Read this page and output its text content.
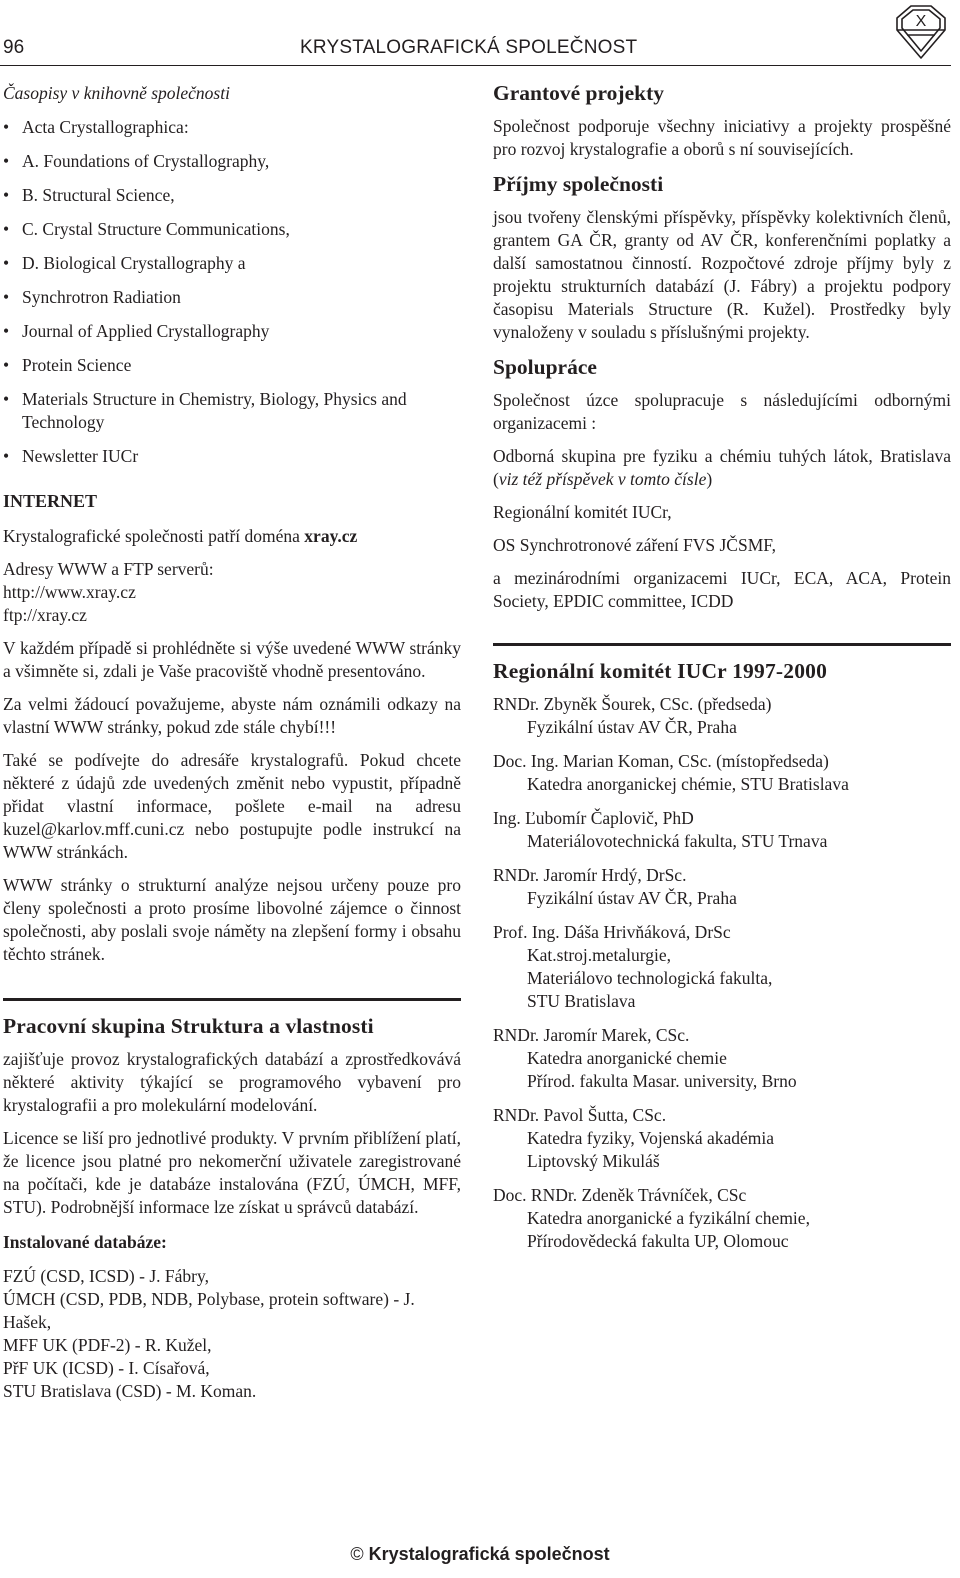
96	KRYSTALOGRAFICKÁ SPOLEČNOST
X

Časopisy v knihovně společnosti

• Acta Crystallographica:
• A. Foundations of Crystallography,
• B. Structural Science,
• C. Crystal Structure Communications,
• D. Biological Crystallography a
• Synchrotron Radiation
• Journal of Applied Crystallography
• Protein Science
• Materials Structure in Chemistry, Biology, Physics and Technology
• Newsletter IUCr

INTERNET

Krystalografické společnosti patří doména xray.cz

Adresy WWW a FTP serverů:

http://www.xray.cz

ftp://xray.cz

V každém případě si prohlédněte si výše uvedené WWW stránky a všimněte si, zdali je Vaše pracoviště vhodně presentováno.

Za velmi žádoucí považujeme, abyste nám oznámili odkazy na vlastní WWW stránky, pokud zde stále chybí!!!

Také se podívejte do adresáře krystalografů. Pokud chcete některé z údajů zde uvedených změnit nebo vypustit, případně přidat vlastní informace, pošlete e-mail na adresu kuzel@karlov.mff.cuni.cz nebo postupujte podle instrukcí na WWW stránkách.

WWW stránky o strukturní analýze nejsou určeny pouze pro členy společnosti a proto prosíme libovolné zájemce o činnost společnosti, aby poslali svoje náměty na zlepšení formy i obsahu těchto stránek.

Pracovní skupina Struktura a vlastnosti

zajišťuje provoz krystalografických databází a zprostředkovává některé aktivity týkající se programového vybavení pro krystalografii a pro molekulární modelování.

Licence se liší pro jednotlivé produkty. V prvním přiblížení platí, že licence jsou platné pro nekomerční uživatele zaregistrované na počítači, kde je databáze instalována (FZÚ, ÚMCH, MFF, STU). Podrobnější informace lze získat u správců databází.

Instalované databáze:

FZÚ (CSD, ICSD) - J. Fábry,

ÚMCH (CSD, PDB, NDB, Polybase, protein software) - J. Hašek,

MFF UK (PDF-2) - R. Kužel,

PřF UK (ICSD) - I. Císařová,

STU Bratislava (CSD) - M. Koman.

Grantové projekty

Společnost podporuje všechny iniciativy a projekty prospěšné pro rozvoj krystalografie a oborů s ní souvisejících.

Příjmy společnosti

jsou tvořeny členskými příspěvky, příspěvky kolektivních členů, grantem GA ČR, granty od AV ČR, konferenčními poplatky a další samostatnou činností. Rozpočtové zdroje příjmy byly z projektu strukturních databází (J. Fábry) a projektu podpory časopisu Materials Structure (R. Kužel). Prostředky byly vynaloženy v souladu s příslušnými projekty.

Spolupráce

Společnost úzce spolupracuje s následujícími odbornými organizacemi :

Odborná skupina pre fyziku a chémiu tuhých látok, Bratislava (viz též příspěvek v tomto čísle)

Regionální komitét IUCr,

OS Synchrotronové záření FVS JČSMF,

a mezinárodními organizacemi IUCr, ECA, ACA, Protein Society, EPDIC committee, ICDD

Regionální komitét IUCr 1997-2000

RNDr. Zbyněk Šourek, CSc. (předseda)

Fyzikální ústav AV ČR, Praha

Doc. Ing. Marian Koman, CSc. (místopředseda)

Katedra anorganickej chémie, STU Bratislava

Ing. Ľubomír Čaplovič, PhD

Materiálovotechnická fakulta, STU Trnava

RNDr. Jaromír Hrdý, DrSc.

Fyzikální ústav AV ČR, Praha

Prof. Ing. Dáša Hrivňáková, DrSc

Kat.stroj.metalurgie,

Materiálovo technologická fakulta,

STU Bratislava

RNDr. Jaromír Marek, CSc.

Katedra anorganické chemie

Přírod. fakulta Masar. university, Brno

RNDr. Pavol Šutta, CSc.

Katedra fyziky, Vojenská akadémia

Liptovský Mikuláš

Doc. RNDr. Zdeněk Trávníček, CSc

Katedra anorganické a fyzikální chemie,

Přírodovědecká fakulta UP, Olomouc

© Krystalografická společnost
